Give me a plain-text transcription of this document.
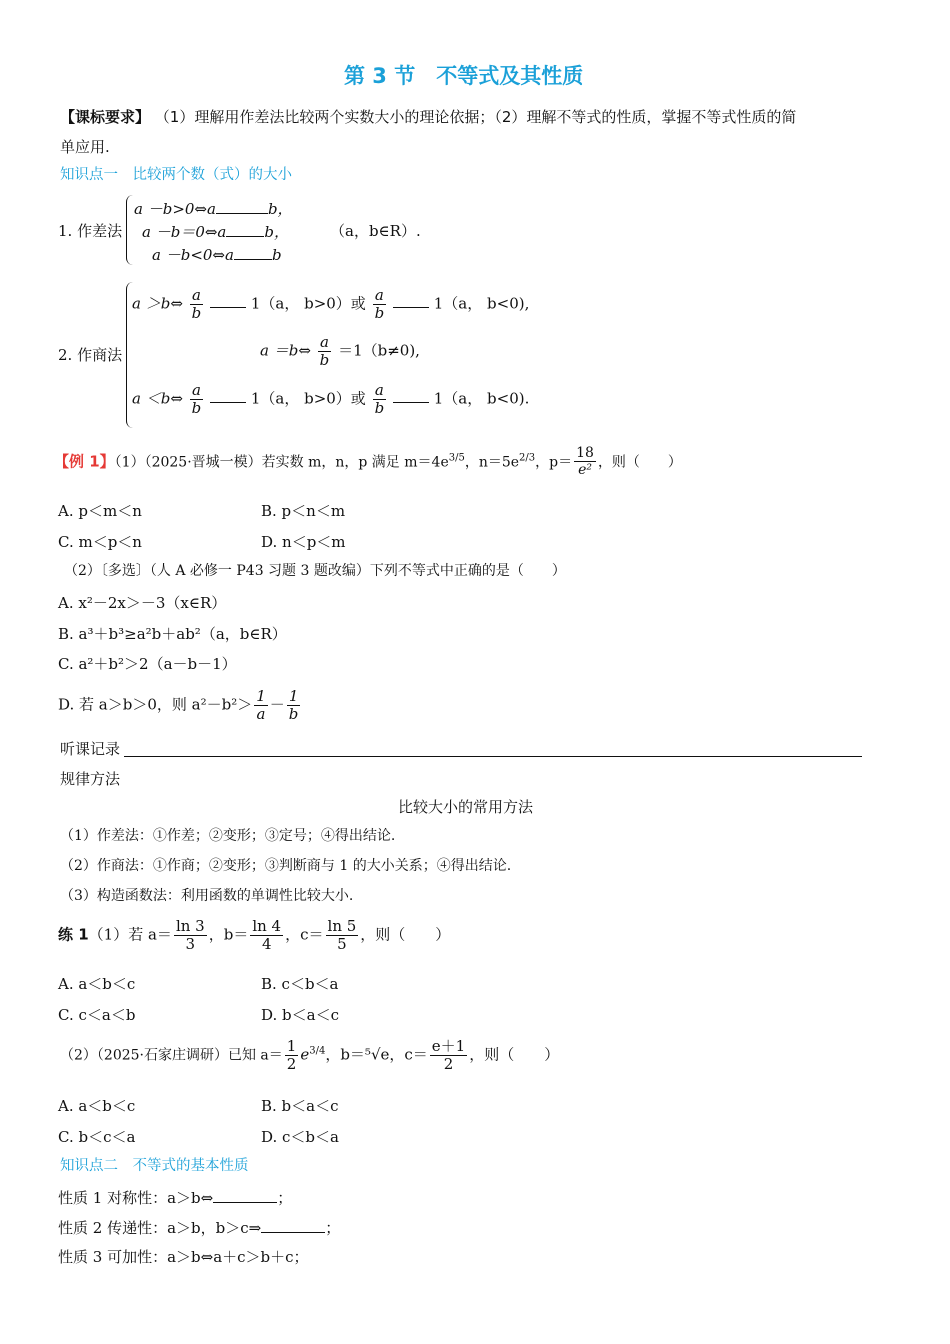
第 3 节　不等式及其性质
【课标要求】 （1）理解用作差法比较两个实数大小的理论依据；（2）理解不等式的性质，掌握不等式性质的简
单应用.
知识点一　比较两个数（式）的大小
1. 作差法
a －b>0⇔a	b，
a －b＝0⇔a	b，	（a，b∈R）.
a －b<0⇔a	b
2. 作商法
a ＞b⇔ $\frac{a}{b}$	1（a， b>0）或 $\frac{a}{b}$	1（a， b<0),
a ＝b⇔ $\frac{a}{b} =1(b\ne 0)$,
a ＜b⇔ $\frac{a}{b}$	1（a， b>0）或 $\frac{a}{b}$	1（a， b<0).
【例 1】（1）（2025·晋城一模）若实数 m，n，p 满足 $m=4e^{3/5}$，$n=5e^{2/3}$，$p= \frac{18}{\text{e²}}$ ，则（　　）
A. p＜m＜n	B. p＜n＜m
C. m＜p＜n	D. n＜p＜m
（2）〔多选〕（人 A 必修一 P43 习题 3 题改编）下列不等式中正确的是（　　）
A. x²－2x＞－3（x∈R）
B. a³＋b³≥a²b＋ab²（a，b∈R）
C. a²＋b²＞2（a－b－1）
D. 若 a＞b＞0，则 $a^2-b^2> \frac{1}{a} - \frac{1}{b}$
听课记录
规律方法
比较大小的常用方法
（1）作差法：①作差；②变形；③定号；④得出结论.
（2）作商法：①作商；②变形；③判断商与 1 的大小关系；④得出结论.
（3）构造函数法：利用函数的单调性比较大小.
练 1（1）若 $a= \frac{\ln 3}{3}$ ，$b= \frac{\ln 4}{4}$ ，$c= \frac{\ln 5}{5}$ ，则（　　）
A. a＜b＜c	B. c＜b＜a
C. c＜a＜b	D. b＜a＜c
（2）（2025·石家庄调研）已知 $a= \frac{1}{2} e^{3/4}$，b＝⁵√e，$c= \frac{e+1}{2}$ ，则（　　）
A. a＜b＜c	B. b＜a＜c
C. b＜c＜a	D. c＜b＜a
知识点二　不等式的基本性质
性质 1 对称性：a＞b⇔	；
性质 2 传递性：a＞b，b＞c⇒	；
性质 3 可加性：a＞b⇔a＋c＞b＋c；
